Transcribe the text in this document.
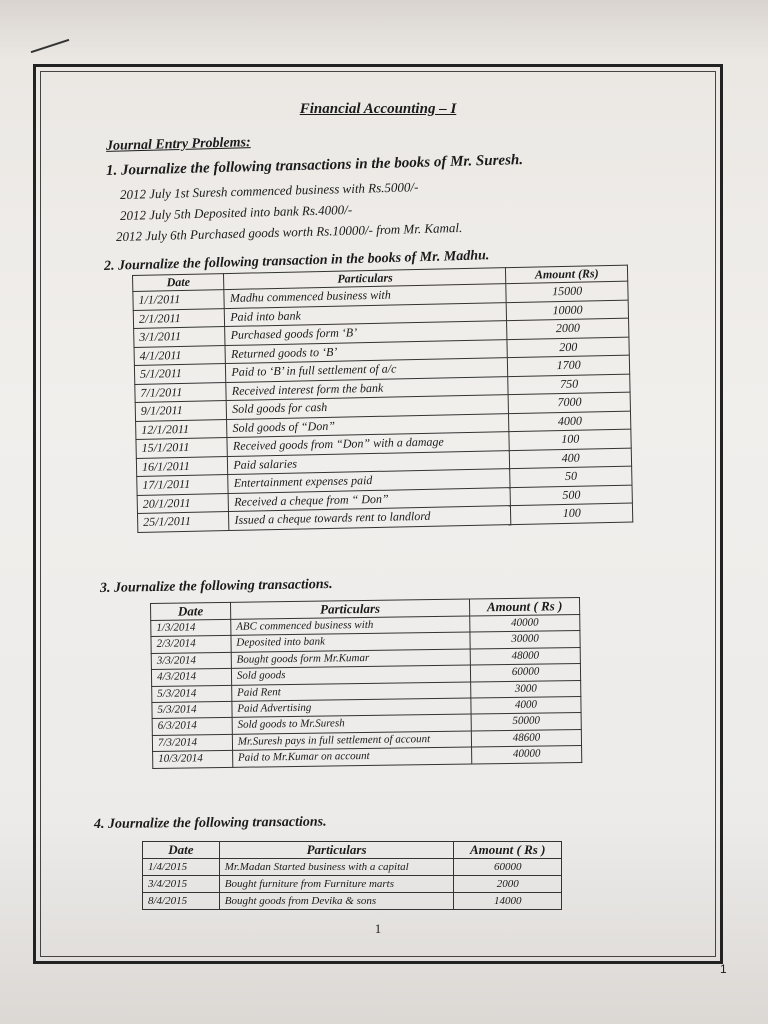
Financial Accounting – I
Journal Entry Problems:
1. Journalize the following transactions in the books of Mr. Suresh.
2012 July 1st Suresh commenced business with Rs.5000/-
2012 July 5th Deposited into bank Rs.4000/-
2012 July 6th Purchased goods worth Rs.10000/- from Mr. Kamal.
2. Journalize the following transaction in the books of Mr. Madhu.
Date	Particulars	Amount (Rs)
1/1/2011	Madhu commenced business with	15000
2/1/2011	Paid into bank	10000
3/1/2011	Purchased goods form ‘B’	2000
4/1/2011	Returned goods to ‘B’	200
5/1/2011	Paid to ‘B’ in full settlement of a/c	1700
7/1/2011	Received interest form the bank	750
9/1/2011	Sold goods for cash	7000
12/1/2011	Sold goods of “Don”	4000
15/1/2011	Received goods from “Don” with a damage	100
16/1/2011	Paid salaries	400
17/1/2011	Entertainment expenses paid	50
20/1/2011	Received a cheque from “ Don”	500
25/1/2011	Issued a cheque towards rent to landlord	100
3. Journalize the following transactions.
Date	Particulars	Amount ( Rs )
1/3/2014	ABC commenced business with	40000
2/3/2014	Deposited into bank	30000
3/3/2014	Bought goods form Mr.Kumar	48000
4/3/2014	Sold goods	60000
5/3/2014	Paid Rent	3000
5/3/2014	Paid Advertising	4000
6/3/2014	Sold goods to Mr.Suresh	50000
7/3/2014	Mr.Suresh pays in full settlement of account	48600
10/3/2014	Paid to Mr.Kumar on account	40000
4. Journalize the following transactions.
Date	Particulars	Amount ( Rs )
1/4/2015	Mr.Madan Started business with a capital	60000
3/4/2015	Bought furniture from Furniture marts	2000
8/4/2015	Bought goods from Devika & sons	14000
1
1
